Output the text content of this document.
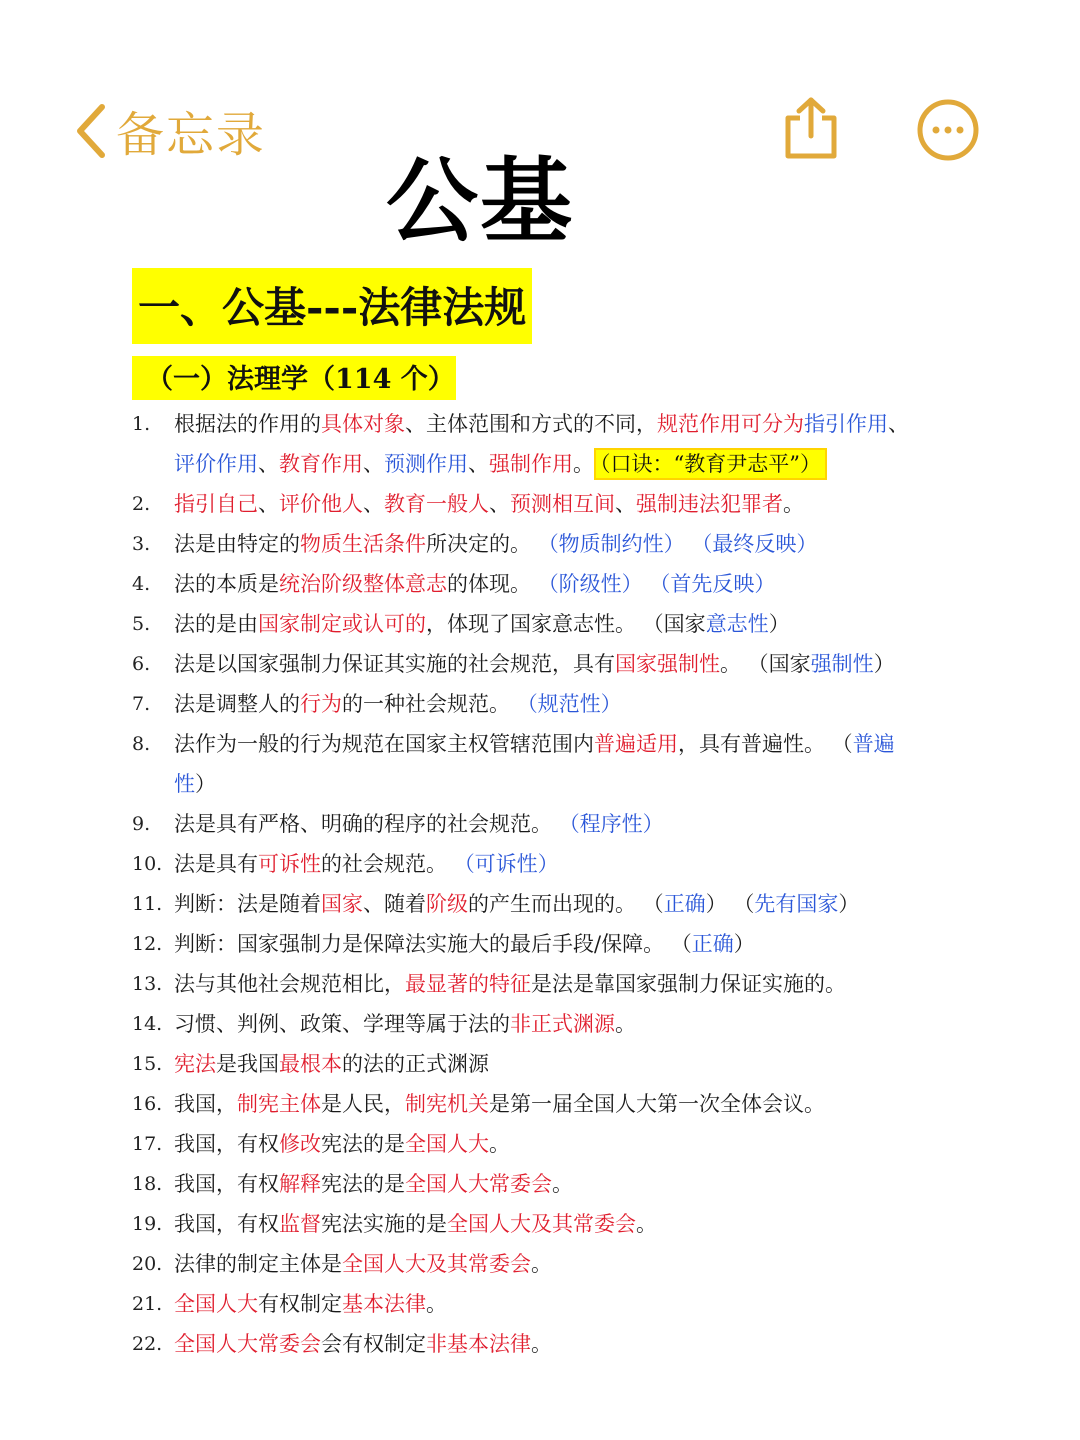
备忘录
公基
一、公基---法律法规
（一）法理学（114 个）
1. 根据法的作用的具体对象、主体范围和方式的不同，规范作用可分为指引作用、
评价作用、教育作用、预测作用、强制作用。 （口诀：“教育尹志平”）
2. 指引自己、评价他人、教育一般人、预测相互间、强制违法犯罪者。
3. 法是由特定的物质生活条件所决定的。 （物质制约性） （最终反映）
4. 法的本质是统治阶级整体意志的体现。 （阶级性） （首先反映）
5. 法的是由国家制定或认可的，体现了国家意志性。 （国家意志性）
6. 法是以国家强制力保证其实施的社会规范，具有国家强制性。 （国家强制性）
7. 法是调整人的行为的一种社会规范。 （规范性）
8. 法作为一般的行为规范在国家主权管辖范围内普遍适用，具有普遍性。 （普遍
性）
9. 法是具有严格、明确的程序的社会规范。 （程序性）
10. 法是具有可诉性的社会规范。 （可诉性）
11. 判断：法是随着国家、随着阶级的产生而出现的。 （正确） （先有国家）
12. 判断：国家强制力是保障法实施大的最后手段/保障。 （正确）
13. 法与其他社会规范相比，最显著的特征是法是靠国家强制力保证实施的。
14. 习惯、判例、政策、学理等属于法的非正式渊源。
15. 宪法是我国最根本的法的正式渊源
16. 我国，制宪主体是人民，制宪机关是第一届全国人大第一次全体会议。
17. 我国，有权修改宪法的是全国人大。
18. 我国，有权解释宪法的是全国人大常委会。
19. 我国，有权监督宪法实施的是全国人大及其常委会。
20. 法律的制定主体是全国人大及其常委会。
21. 全国人大有权制定基本法律。
22. 全国人大常委会会有权制定非基本法律。
